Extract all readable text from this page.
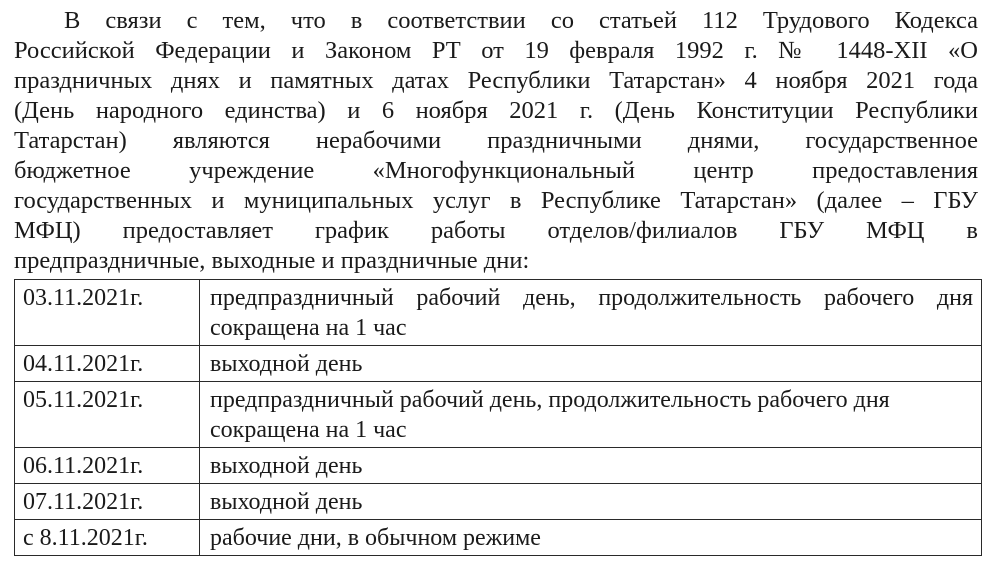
В связи с тем, что в соответствии со статьей 112 Трудового Кодекса
Российской Федерации и Законом РТ от 19 февраля 1992 г. № 1448-XII «О
праздничных днях и памятных датах Республики Татарстан» 4 ноября 2021 года
(День народного единства) и 6 ноября 2021 г. (День Конституции Республики
Татарстан) являются нерабочими праздничными днями, государственное
бюджетное учреждение «Многофункциональный центр предоставления
государственных и муниципальных услуг в Республике Татарстан» (далее – ГБУ
МФЦ) предоставляет график работы отделов/филиалов ГБУ МФЦ в
предпраздничные, выходные и праздничные дни:

03.11.2021г.	предпраздничный рабочий день, продолжительность рабочего дня сокращена на 1 час
04.11.2021г.	выходной день
05.11.2021г.	предпраздничный рабочий день, продолжительность рабочего дня сокращена на 1 час
06.11.2021г.	выходной день
07.11.2021г.	выходной день
с 8.11.2021г.	рабочие дни, в обычном режиме
